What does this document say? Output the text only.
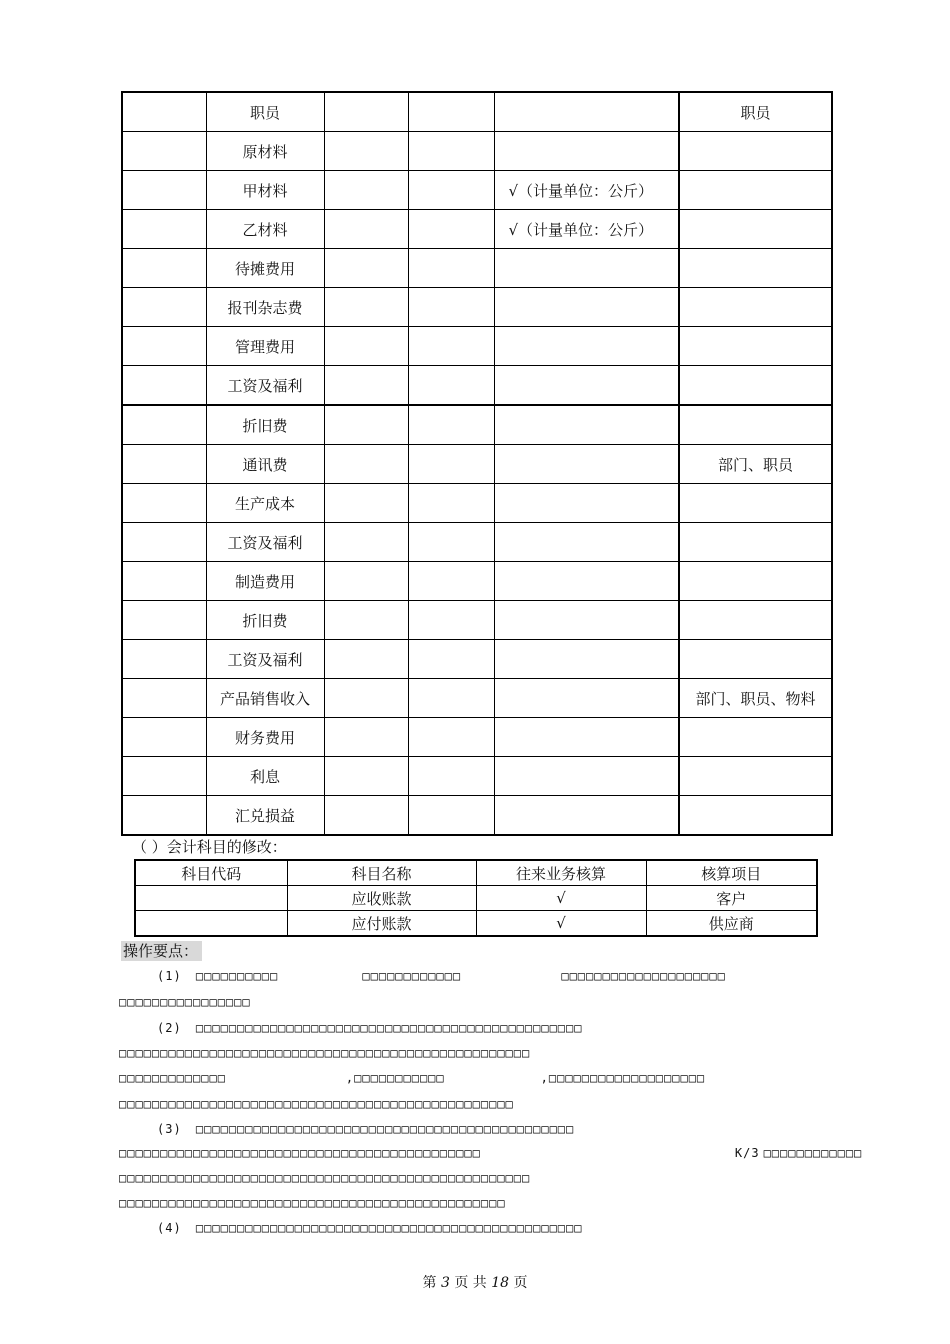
	职员				职员
	原材料				
	甲材料			√（计量单位：公斤）	
	乙材料			√（计量单位：公斤）	
	待摊费用				
	报刊杂志费				
	管理费用				
	工资及福利				
	折旧费				
	通讯费				部门、职员
	生产成本				
	工资及福利				
	制造费用				
	折旧费				
	工资及福利				
	产品销售收入				部门、职员、物料
	财务费用				
	利息				
	汇兑损益				
（ ）会计科目的修改：
科目代码	科目名称	往来业务核算	核算项目
	应收账款	√	客户
	应付账款	√	供应商
操作要点：
(1) □□□□□□□□□□	□□□□□□□□□□□□	□□□□□□□□□□□□□□□□□□□□
□□□□□□□□□□□□□□□□
(2) □□□□□□□□□□□□□□□□□□□□□□□□□□□□□□□□□□□□□□□□□□□□□□□
□□□□□□□□□□□□□□□□□□□□□□□□□□□□□□□□□□□□□□□□□□□□□□□□□□
□□□□□□□□□□□□□	,□□□□□□□□□□□	,□□□□□□□□□□□□□□□□□□□
□□□□□□□□□□□□□□□□□□□□□□□□□□□□□□□□□□□□□□□□□□□□□□□□
(3) □□□□□□□□□□□□□□□□□□□□□□□□□□□□□□□□□□□□□□□□□□□□□□
□□□□□□□□□□□□□□□□□□□□□□□□□□□□□□□□□□□□□□□□□□□□	K/3 □□□□□□□□□□□□
□□□□□□□□□□□□□□□□□□□□□□□□□□□□□□□□□□□□□□□□□□□□□□□□□□
□□□□□□□□□□□□□□□□□□□□□□□□□□□□□□□□□□□□□□□□□□□□□□□
(4) □□□□□□□□□□□□□□□□□□□□□□□□□□□□□□□□□□□□□□□□□□□□□□□
第 3 页 共 18 页
